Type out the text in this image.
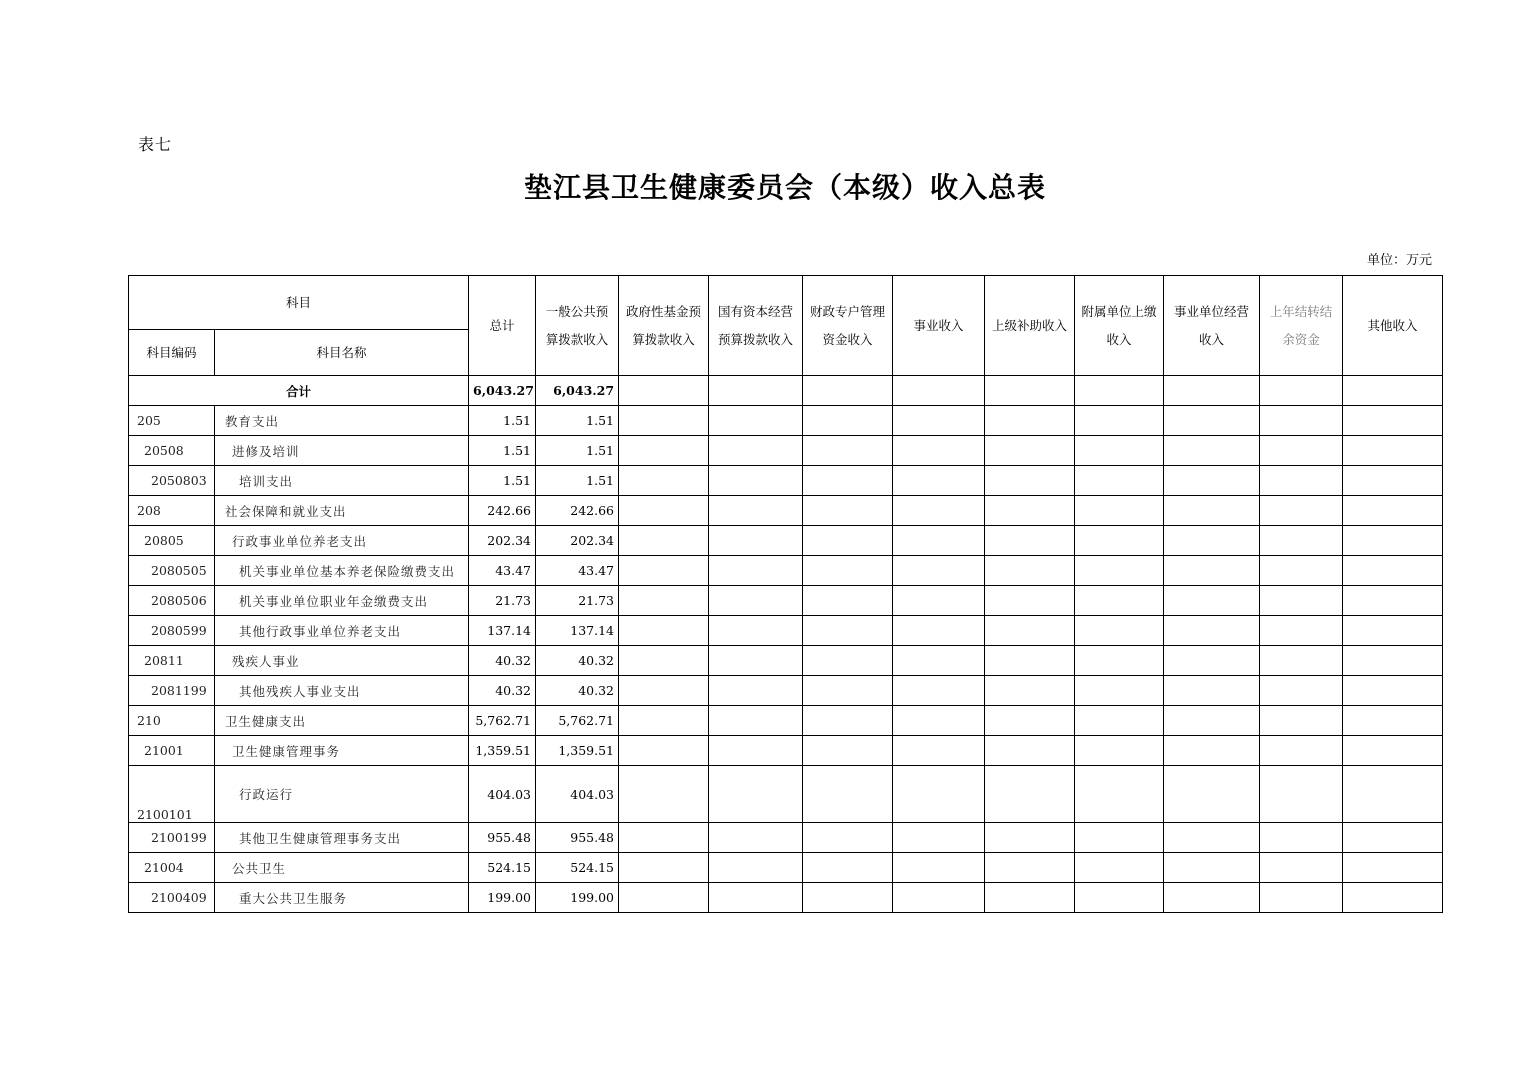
表七
垫江县卫生健康委员会（本级）收入总表
单位：万元
科目		总计	一般公共预算拨款收入	政府性基金预算拨款收入	国有资本经营预算拨款收入	财政专户管理资金收入	事业收入	上级补助收入	附属单位上缴收入	事业单位经营收入	上年结转结余资金	其他收入
科目编码	科目名称											
合计		6,043.27	6,043.27									
205	教育支出	1.51	1.51									
20508	进修及培训	1.51	1.51									
2050803	培训支出	1.51	1.51									
208	社会保障和就业支出	242.66	242.66									
20805	行政事业单位养老支出	202.34	202.34									
2080505	机关事业单位基本养老保险缴费支出	43.47	43.47									
2080506	机关事业单位职业年金缴费支出	21.73	21.73									
2080599	其他行政事业单位养老支出	137.14	137.14									
20811	残疾人事业	40.32	40.32									
2081199	其他残疾人事业支出	40.32	40.32									
210	卫生健康支出	5,762.71	5,762.71									
21001	卫生健康管理事务	1,359.51	1,359.51									
2100101	行政运行	404.03	404.03									
2100199	其他卫生健康管理事务支出	955.48	955.48									
21004	公共卫生	524.15	524.15									
2100409	重大公共卫生服务	199.00	199.00									
